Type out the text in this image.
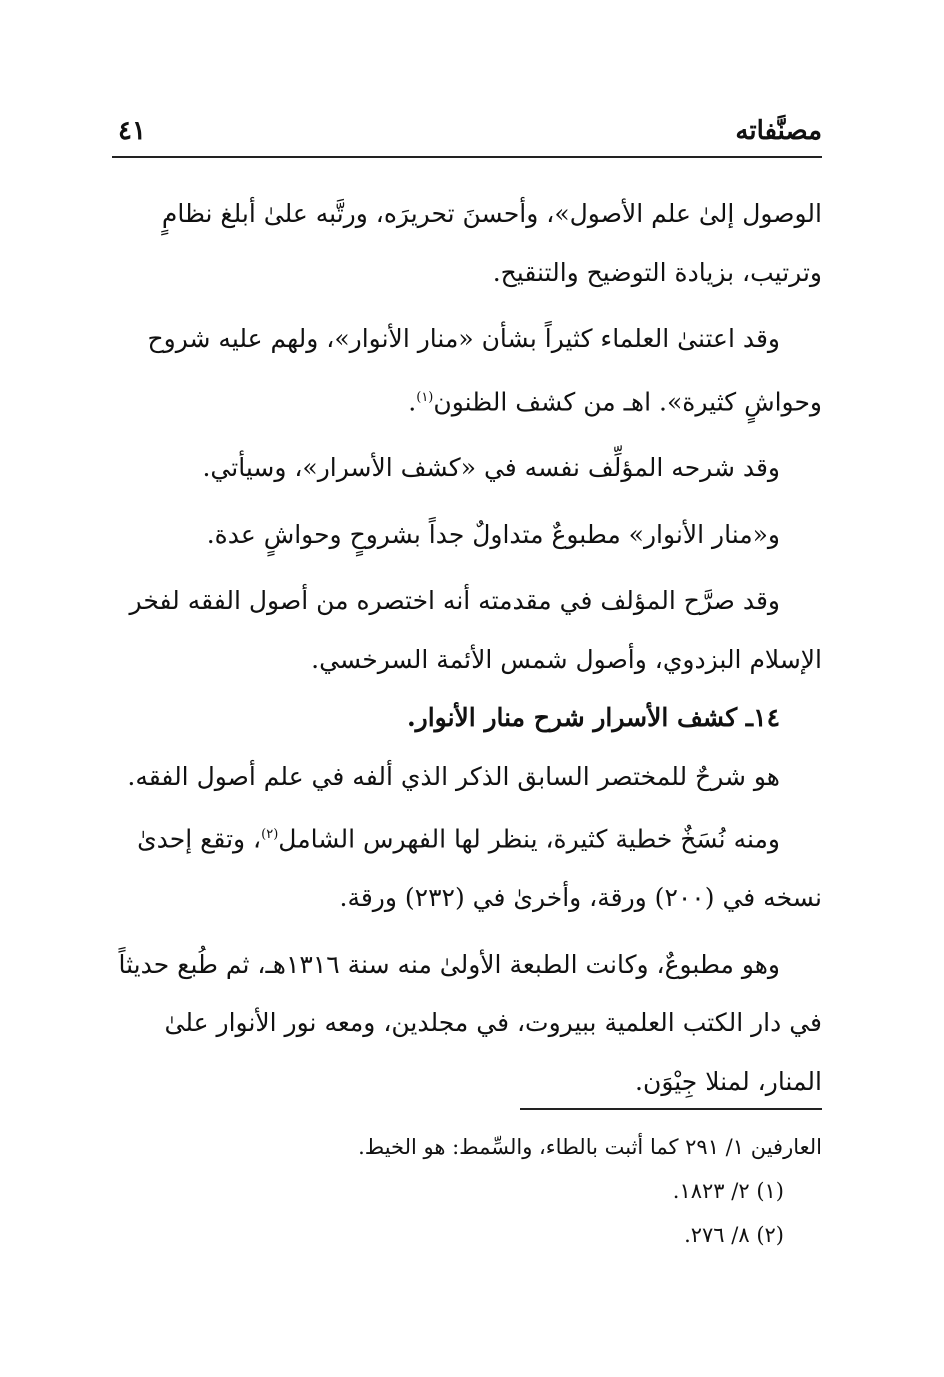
مصنَّفاته
٤١

الوصول إلىٰ علم الأصول»، وأحسنَ تحريرَه، ورتَّبه علىٰ أبلغ نظامٍ

وترتيب، بزيادة التوضيح والتنقيح.

وقد اعتنىٰ العلماء كثيراً بشأن «منار الأنوار»، ولهم عليه شروح

وحواشٍ كثيرة». اهـ من كشف الظنون$^{(١)}$.

وقد شرحه المؤلِّف نفسه في «كشف الأسرار»، وسيأتي.

و«منار الأنوار» مطبوعٌ متداولٌ جداً بشروحٍ وحواشٍ عدة.

وقد صرَّح المؤلف في مقدمته أنه اختصره من أصول الفقه لفخر

الإسلام البزدوي، وأصول شمس الأئمة السرخسي.

١٤ـ كشف الأسرار شرح منار الأنوار.

هو شرحٌ للمختصر السابق الذكر الذي ألفه في علم أصول الفقه.

ومنه نُسَخٌ خطية كثيرة، ينظر لها الفهرس الشامل$^{(٢)}$، وتقع إحدىٰ

نسخه في (٢٠٠) ورقة، وأخرىٰ في (٢٣٢) ورقة.

وهو مطبوعٌ، وكانت الطبعة الأولىٰ منه سنة ١٣١٦هـ، ثم طُبع حديثاً

في دار الكتب العلمية ببيروت، في مجلدين، ومعه نور الأنوار علىٰ

المنار، لمنلا جِيْوَن.

العارفين ١/ ٢٩١ كما أثبت بالطاء، والسِّمط: هو الخيط.
(١) ٢/ ١٨٢٣.
(٢) ٨/ ٢٧٦.
